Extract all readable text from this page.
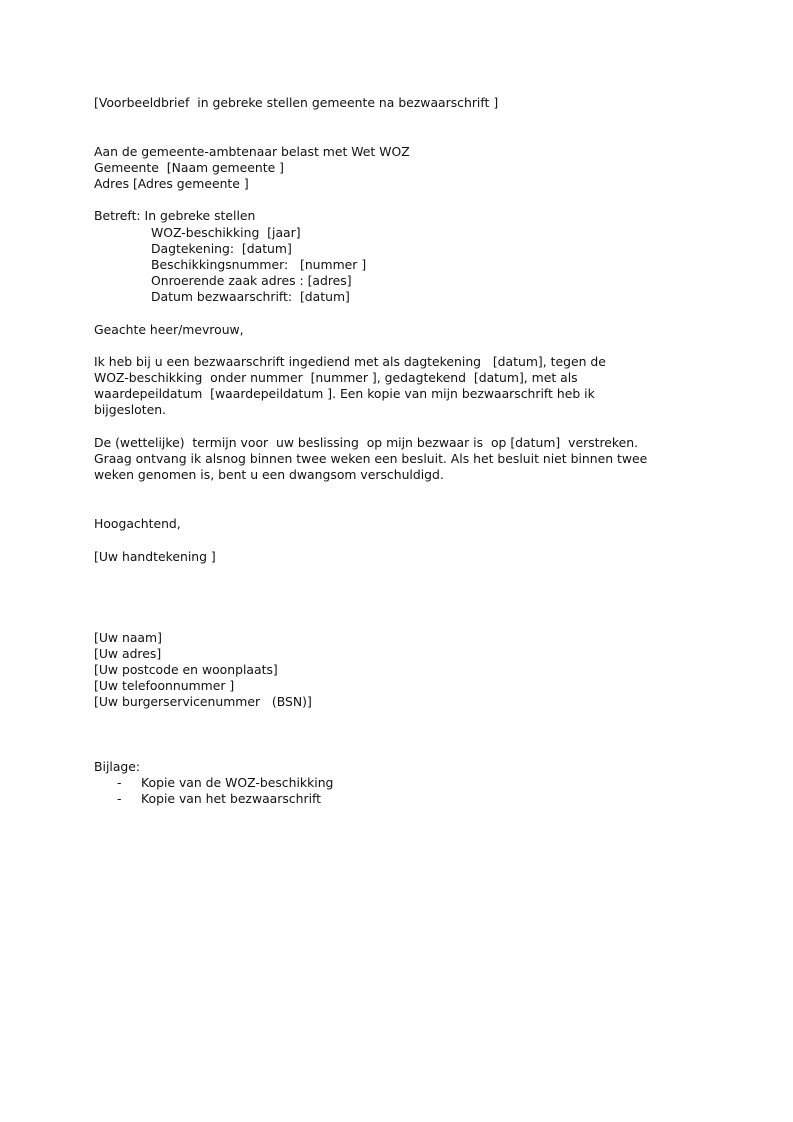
[Voorbeeldbrief  in gebreke stellen gemeente na bezwaarschrift ]

Aan de gemeente-ambtenaar belast met Wet WOZ

Gemeente  [Naam gemeente ]

Adres [Adres gemeente ]

Betreft: In gebreke stellen

WOZ-beschikking  [jaar]

Dagtekening:  [datum]

Beschikkingsnummer:   [nummer ]

Onroerende zaak adres : [adres]

Datum bezwaarschrift:  [datum]

Geachte heer/mevrouw,

Ik heb bij u een bezwaarschrift ingediend met als dagtekening   [datum], tegen de

WOZ-beschikking  onder nummer  [nummer ], gedagtekend  [datum], met als

waardepeildatum  [waardepeildatum ]. Een kopie van mijn bezwaarschrift heb ik

bijgesloten.

De (wettelijke)  termijn voor  uw beslissing  op mijn bezwaar is  op [datum]  verstreken.

Graag ontvang ik alsnog binnen twee weken een besluit. Als het besluit niet binnen twee

weken genomen is, bent u een dwangsom verschuldigd.

Hoogachtend,

[Uw handtekening ]

[Uw naam]

[Uw adres]

[Uw postcode en woonplaats]

[Uw telefoonnummer ]

[Uw burgerservicenummer   (BSN)]

Bijlage:

- Kopie van de WOZ-beschikking

- Kopie van het bezwaarschrift
